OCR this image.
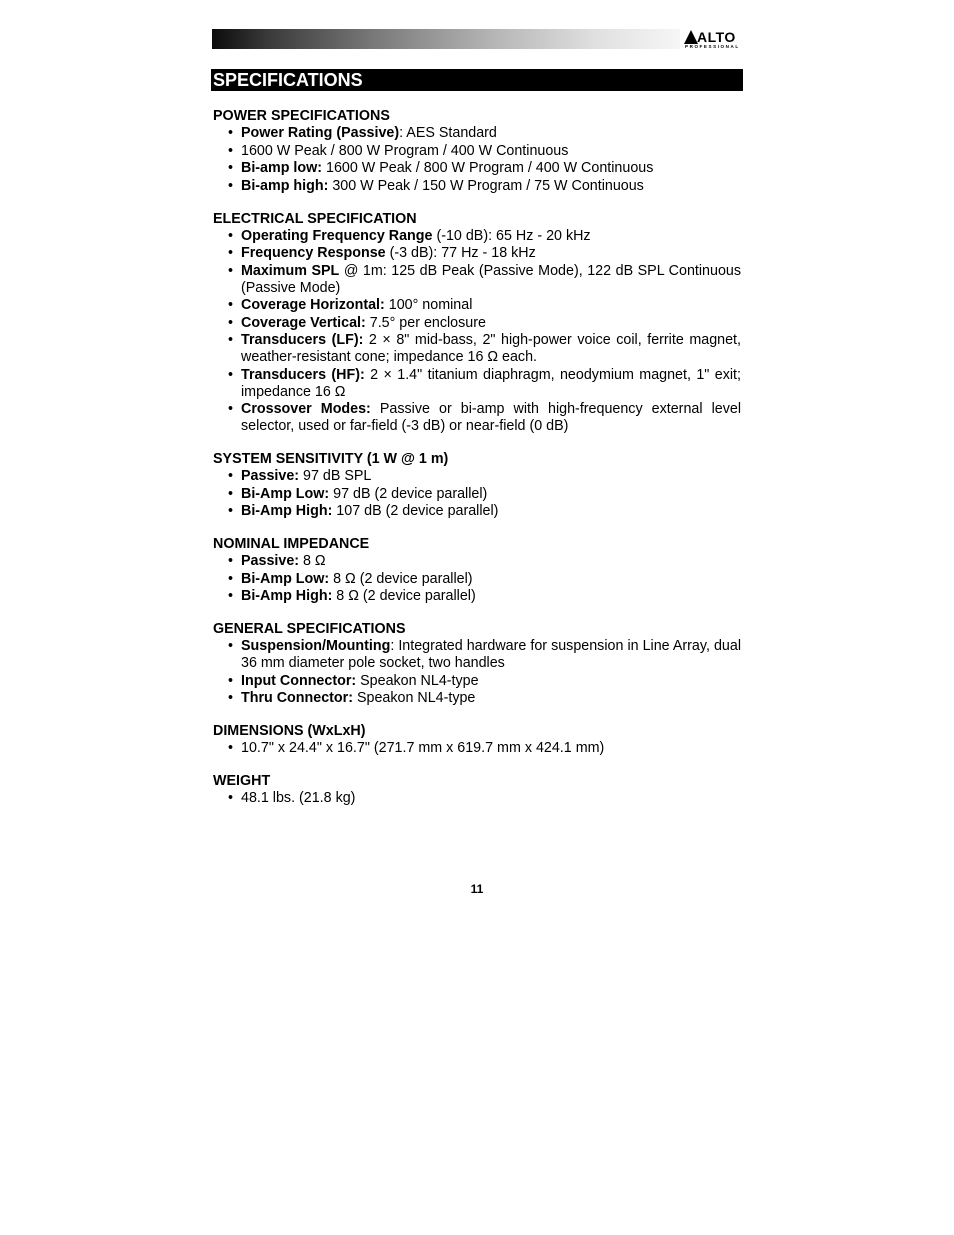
ALTO
PROFESSIONAL
SPECIFICATIONS
POWER SPECIFICATIONS
• Power Rating (Passive): AES Standard
• 1600 W Peak / 800 W Program / 400 W Continuous
• Bi-amp low: 1600 W Peak / 800 W Program / 400 W Continuous
• Bi-amp high: 300 W Peak / 150 W Program / 75 W Continuous
ELECTRICAL SPECIFICATION
• Operating Frequency Range (-10 dB): 65 Hz - 20 kHz
• Frequency Response (-3 dB): 77 Hz - 18 kHz
• Maximum SPL @ 1m: 125 dB Peak (Passive Mode), 122 dB SPL Continuous (Passive Mode)
• Coverage Horizontal: 100° nominal
• Coverage Vertical: 7.5° per enclosure
• Transducers (LF): 2 × 8" mid-bass, 2" high-power voice coil, ferrite magnet, weather-resistant cone; impedance 16 Ω each.
• Transducers (HF): 2 × 1.4" titanium diaphragm, neodymium magnet, 1" exit; impedance 16 Ω
• Crossover Modes: Passive or bi-amp with high-frequency external level selector, used or far-field (-3 dB) or near-field (0 dB)
SYSTEM SENSITIVITY (1 W @ 1 m)
• Passive: 97 dB SPL
• Bi-Amp Low: 97 dB (2 device parallel)
• Bi-Amp High: 107 dB (2 device parallel)
NOMINAL IMPEDANCE
• Passive: 8 Ω
• Bi-Amp Low: 8 Ω (2 device parallel)
• Bi-Amp High: 8 Ω (2 device parallel)
GENERAL SPECIFICATIONS
• Suspension/Mounting: Integrated hardware for suspension in Line Array, dual 36 mm diameter pole socket, two handles
• Input Connector: Speakon NL4-type
• Thru Connector: Speakon NL4-type
DIMENSIONS (WxLxH)
• 10.7" x 24.4" x 16.7" (271.7 mm x 619.7 mm x 424.1 mm)
WEIGHT
• 48.1 lbs. (21.8 kg)
11
